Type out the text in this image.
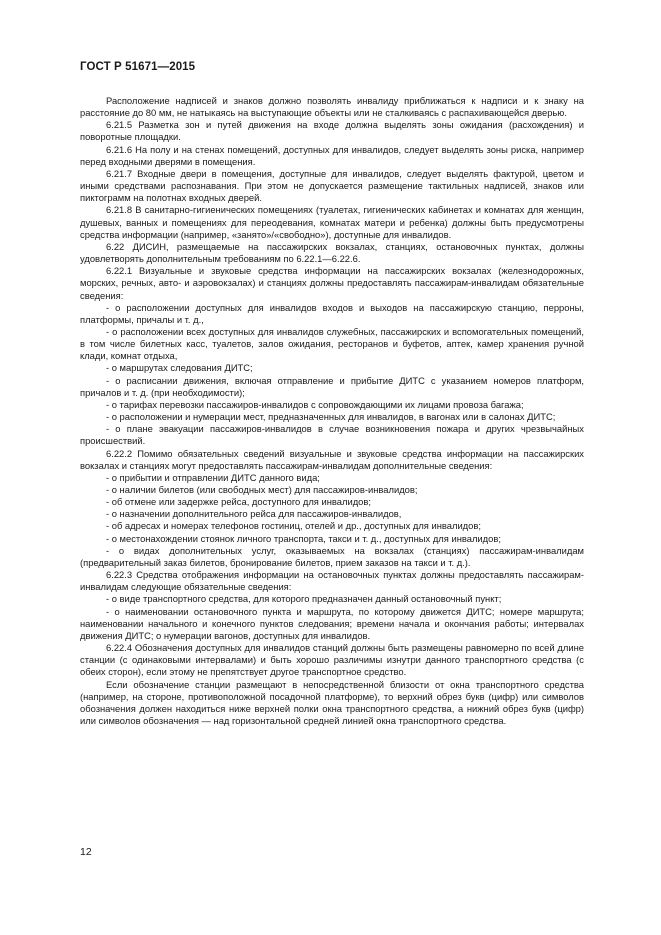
ГОСТ Р 51671—2015

Расположение надписей и знаков должно позволять инвалиду приближаться к надписи и к знаку на расстояние до 80 мм, не натыкаясь на выступающие объекты или не сталкиваясь с распахивающейся дверью.

6.21.5 Разметка зон и путей движения на входе должна выделять зоны ожидания (расхождения) и поворотные площадки.

6.21.6 На полу и на стенах помещений, доступных для инвалидов, следует выделять зоны риска, например перед входными дверями в помещения.

6.21.7 Входные двери в помещения, доступные для инвалидов, следует выделять фактурой, цветом и иными средствами распознавания. При этом не допускается размещение тактильных надписей, знаков или пиктограмм на полотнах входных дверей.

6.21.8 В санитарно-гигиенических помещениях (туалетах, гигиенических кабинетах и комнатах для женщин, душевых, ванных и помещениях для переодевания, комнатах матери и ребенка) должны быть предусмотрены средства информации (например, «занято»/«свободно»), доступные для инвалидов.

6.22 ДИСИН, размещаемые на пассажирских вокзалах, станциях, остановочных пунктах, должны удовлетворять дополнительным требованиям по 6.22.1—6.22.6.

6.22.1 Визуальные и звуковые средства информации на пассажирских вокзалах (железнодорожных, морских, речных, авто- и аэровокзалах) и станциях должны предоставлять пассажирам-инвалидам обязательные сведения:

- о расположении доступных для инвалидов входов и выходов на пассажирскую станцию, перроны, платформы, причалы и т. д.,

- о расположении всех доступных для инвалидов служебных, пассажирских и вспомогательных помещений, в том числе билетных касс, туалетов, залов ожидания, ресторанов и буфетов, аптек, камер хранения ручной клади, комнат отдыха,

- о маршрутах следования ДИТС;

- о расписании движения, включая отправление и прибытие ДИТС с указанием номеров платформ, причалов и т. д. (при необходимости);

- о тарифах перевозки пассажиров-инвалидов с сопровождающими их лицами провоза багажа;

- о расположении и нумерации мест, предназначенных для инвалидов, в вагонах или в салонах ДИТС;

- о плане эвакуации пассажиров-инвалидов в случае возникновения пожара и других чрезвычайных происшествий.

6.22.2 Помимо обязательных сведений визуальные и звуковые средства информации на пассажирских вокзалах и станциях могут предоставлять пассажирам-инвалидам дополнительные сведения:

- о прибытии и отправлении ДИТС данного вида;

- о наличии билетов (или свободных мест) для пассажиров-инвалидов;

- об отмене или задержке рейса, доступного для инвалидов;

- о назначении дополнительного рейса для пассажиров-инвалидов,

- об адресах и номерах телефонов гостиниц, отелей и др., доступных для инвалидов;

- о местонахождении стоянок личного транспорта, такси и т. д., доступных для инвалидов;

- о видах дополнительных услуг, оказываемых на вокзалах (станциях) пассажирам-инвалидам (предварительный заказ билетов, бронирование билетов, прием заказов на такси и т. д.).

6.22.3 Средства отображения информации на остановочных пунктах должны предоставлять пассажирам-инвалидам следующие обязательные сведения:

- о виде транспортного средства, для которого предназначен данный остановочный пункт;

- о наименовании остановочного пункта и маршрута, по которому движется ДИТС; номере маршрута; наименовании начального и конечного пунктов следования; времени начала и окончания работы; интервалах движения ДИТС; о нумерации вагонов, доступных для инвалидов.

6.22.4 Обозначения доступных для инвалидов станций должны быть размещены равномерно по всей длине станции (с одинаковыми интервалами) и быть хорошо различимы изнутри данного транспортного средства (с обеих сторон), если этому не препятствует другое транспортное средство.

Если обозначение станции размещают в непосредственной близости от окна транспортного средства (например, на стороне, противоположной посадочной платформе), то верхний обрез букв (цифр) или символов обозначения должен находиться ниже верхней полки окна транспортного средства, а нижний обрез букв (цифр) или символов обозначения — над горизонтальной средней линией окна транспортного средства.

12
